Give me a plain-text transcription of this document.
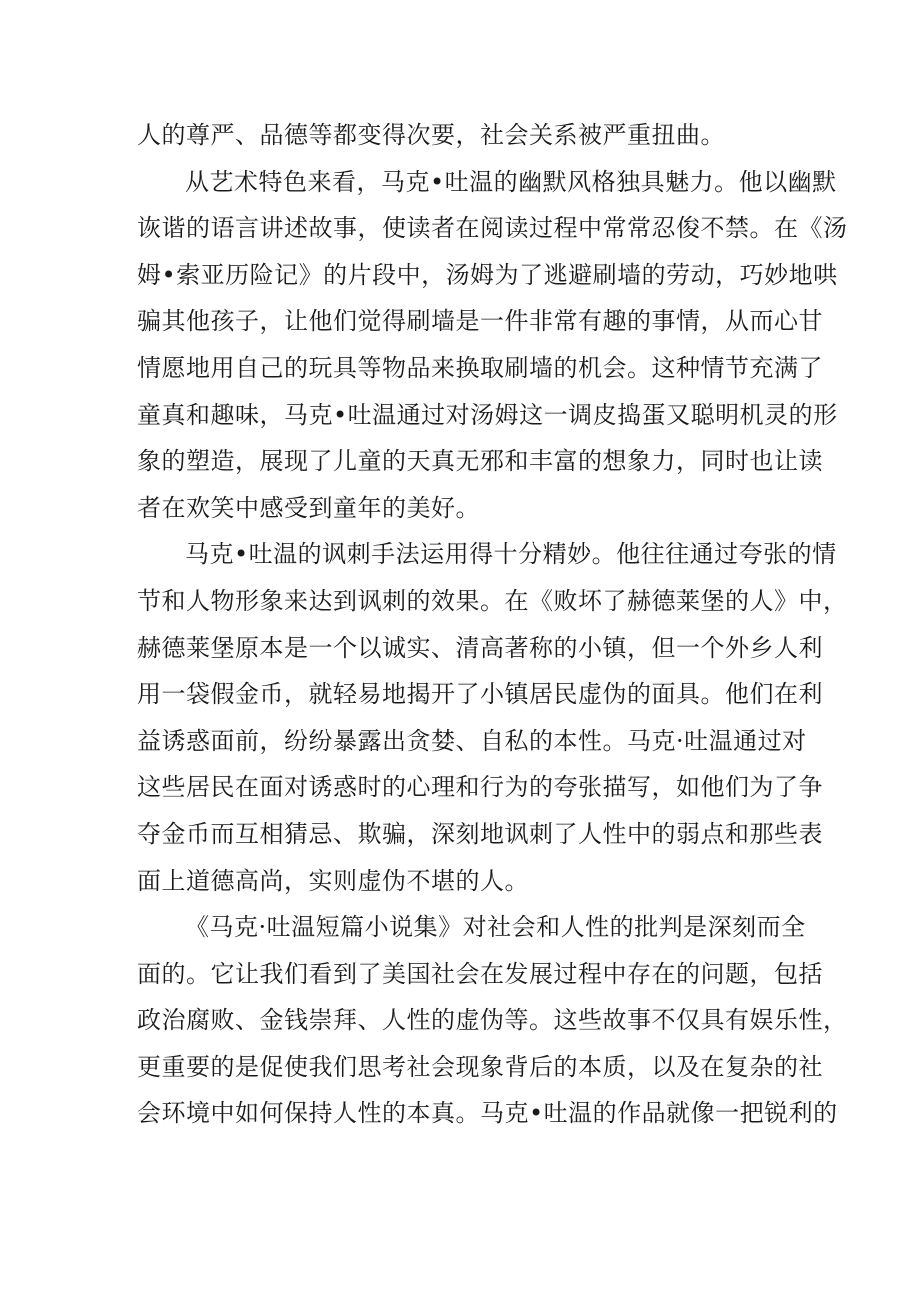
人的尊严、品德等都变得次要，社会关系被严重扭曲。
从艺术特色来看，马克•吐温的幽默风格独具魅力。他以幽默
诙谐的语言讲述故事，使读者在阅读过程中常常忍俊不禁。在《汤
姆•索亚历险记》的片段中，汤姆为了逃避刷墙的劳动，巧妙地哄
骗其他孩子，让他们觉得刷墙是一件非常有趣的事情，从而心甘
情愿地用自己的玩具等物品来换取刷墙的机会。这种情节充满了
童真和趣味，马克•吐温通过对汤姆这一调皮捣蛋又聪明机灵的形
象的塑造，展现了儿童的天真无邪和丰富的想象力，同时也让读
者在欢笑中感受到童年的美好。
马克•吐温的讽刺手法运用得十分精妙。他往往通过夸张的情
节和人物形象来达到讽刺的效果。在《败坏了赫德莱堡的人》中，
赫德莱堡原本是一个以诚实、清高著称的小镇，但一个外乡人利
用一袋假金币，就轻易地揭开了小镇居民虚伪的面具。他们在利
益诱惑面前，纷纷暴露出贪婪、自私的本性。马克·吐温通过对
这些居民在面对诱惑时的心理和行为的夸张描写，如他们为了争
夺金币而互相猜忌、欺骗，深刻地讽刺了人性中的弱点和那些表
面上道德高尚，实则虚伪不堪的人。
《马克·吐温短篇小说集》对社会和人性的批判是深刻而全
面的。它让我们看到了美国社会在发展过程中存在的问题，包括
政治腐败、金钱崇拜、人性的虚伪等。这些故事不仅具有娱乐性，
更重要的是促使我们思考社会现象背后的本质，以及在复杂的社
会环境中如何保持人性的本真。马克•吐温的作品就像一把锐利的
